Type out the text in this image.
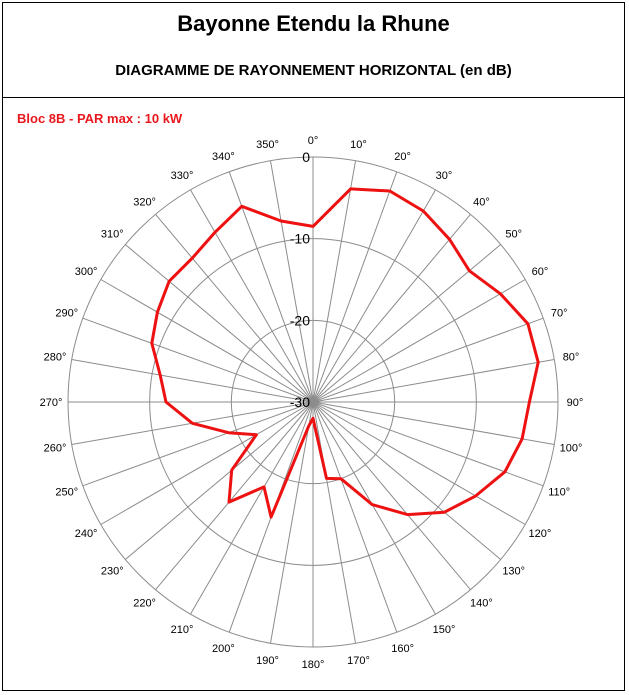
Bayonne Etendu la Rhune
DIAGRAMME DE RAYONNEMENT HORIZONTAL (en dB)
Bloc 8B - PAR max : 10 kW
0°	10°
20°
30°
40°
50°
60°
70°
80°
90°
100°
110°
120°
130°
140°
150°
160°
170°
180°
190°
200°
210°
220°
230°
240°
250°
260°
270°
280°
290°
300°
310°
320°
330°
340°
350°
0
-10
-20
-30
